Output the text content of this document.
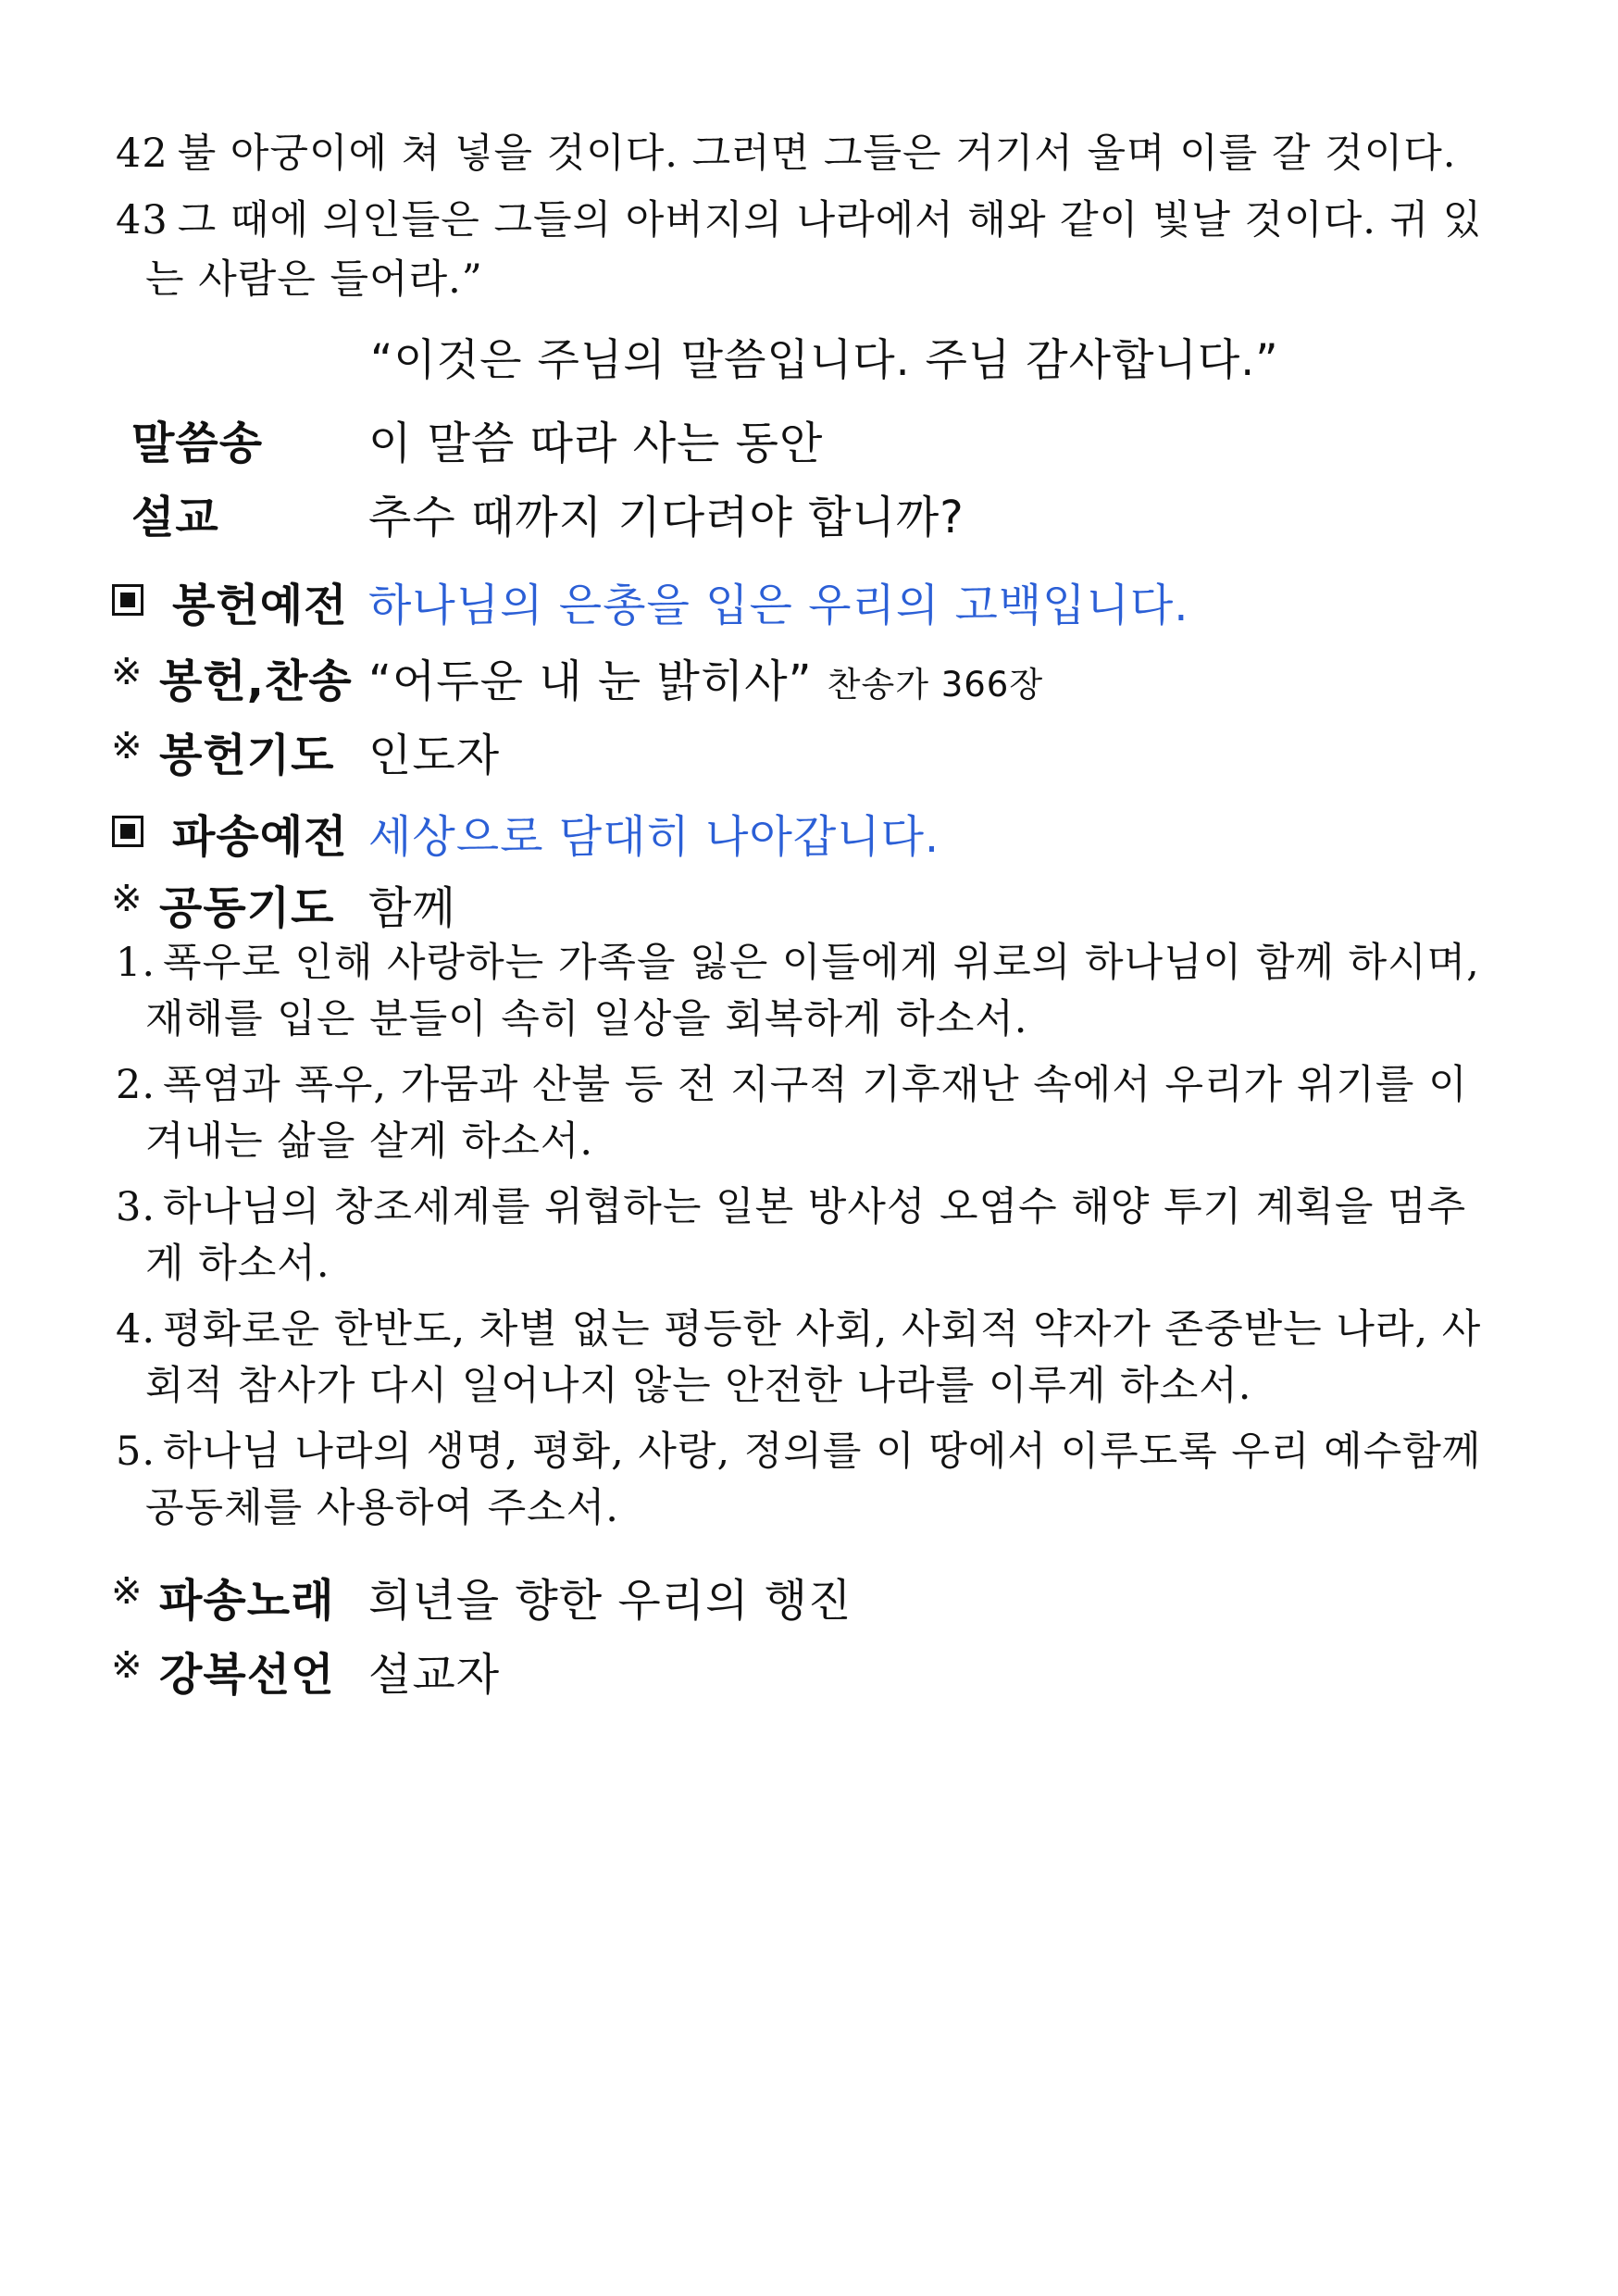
42 불 아궁이에 쳐 넣을 것이다. 그러면 그들은 거기서 울며 이를 갈 것이다.
43 그 때에 의인들은 그들의 아버지의 나라에서 해와 같이 빛날 것이다. 귀 있
는 사람은 들어라.”
“이것은 주님의 말씀입니다. 주님 감사합니다.”
말씀송 이 말씀 따라 사는 동안
설교	추수 때까지 기다려야 합니까?
봉헌예전 하나님의 은총을 입은 우리의 고백입니다.
※ 봉헌,찬송 “어두운 내 눈 밝히사” 찬송가 366장
※ 봉헌기도 인도자
파송예전 세상으로 담대히 나아갑니다.
※ 공동기도 함께
1. 폭우로 인해 사랑하는 가족을 잃은 이들에게 위로의 하나님이 함께 하시며,
재해를 입은 분들이 속히 일상을 회복하게 하소서.
2. 폭염과 폭우, 가뭄과 산불 등 전 지구적 기후재난 속에서 우리가 위기를 이
겨내는 삶을 살게 하소서.
3. 하나님의 창조세계를 위협하는 일본 방사성 오염수 해양 투기 계획을 멈추
게 하소서.
4. 평화로운 한반도, 차별 없는 평등한 사회, 사회적 약자가 존중받는 나라, 사
회적 참사가 다시 일어나지 않는 안전한 나라를 이루게 하소서.
5. 하나님 나라의 생명, 평화, 사랑, 정의를 이 땅에서 이루도록 우리 예수함께
공동체를 사용하여 주소서.
※ 파송노래 희년을 향한 우리의 행진
※ 강복선언 설교자
